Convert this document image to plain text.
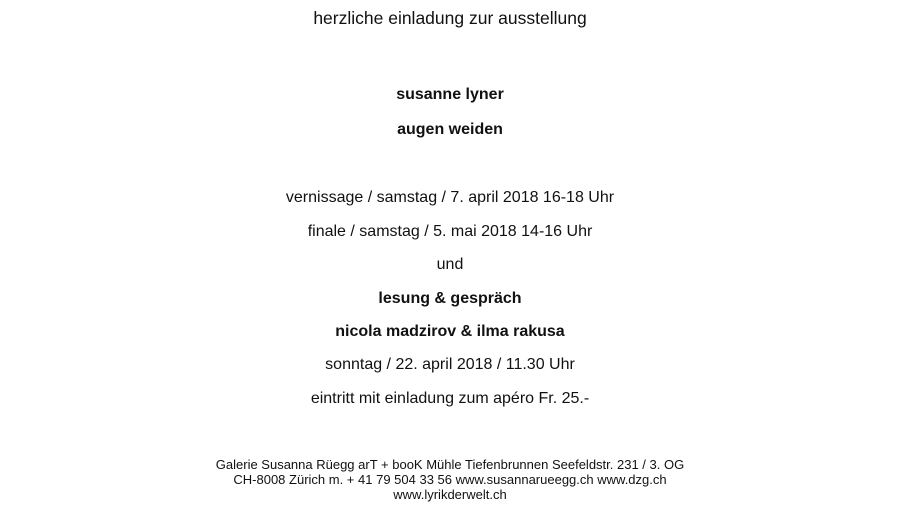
herzliche einladung zur ausstellung
susanne lyner
augen weiden
vernissage / samstag / 7. april 2018 16-18 Uhr
finale / samstag / 5. mai 2018 14-16 Uhr
und
lesung & gespräch
nicola madzirov & ilma rakusa
sonntag / 22. april 2018 / 11.30 Uhr
eintritt mit einladung zum apéro Fr. 25.-
Galerie Susanna Rüegg arT + booK Mühle Tiefenbrunnen Seefeldstr. 231 / 3. OG
CH-8008 Zürich m. + 41 79 504 33 56 www.susannarueegg.ch www.dzg.ch
www.lyrikderwelt.ch
